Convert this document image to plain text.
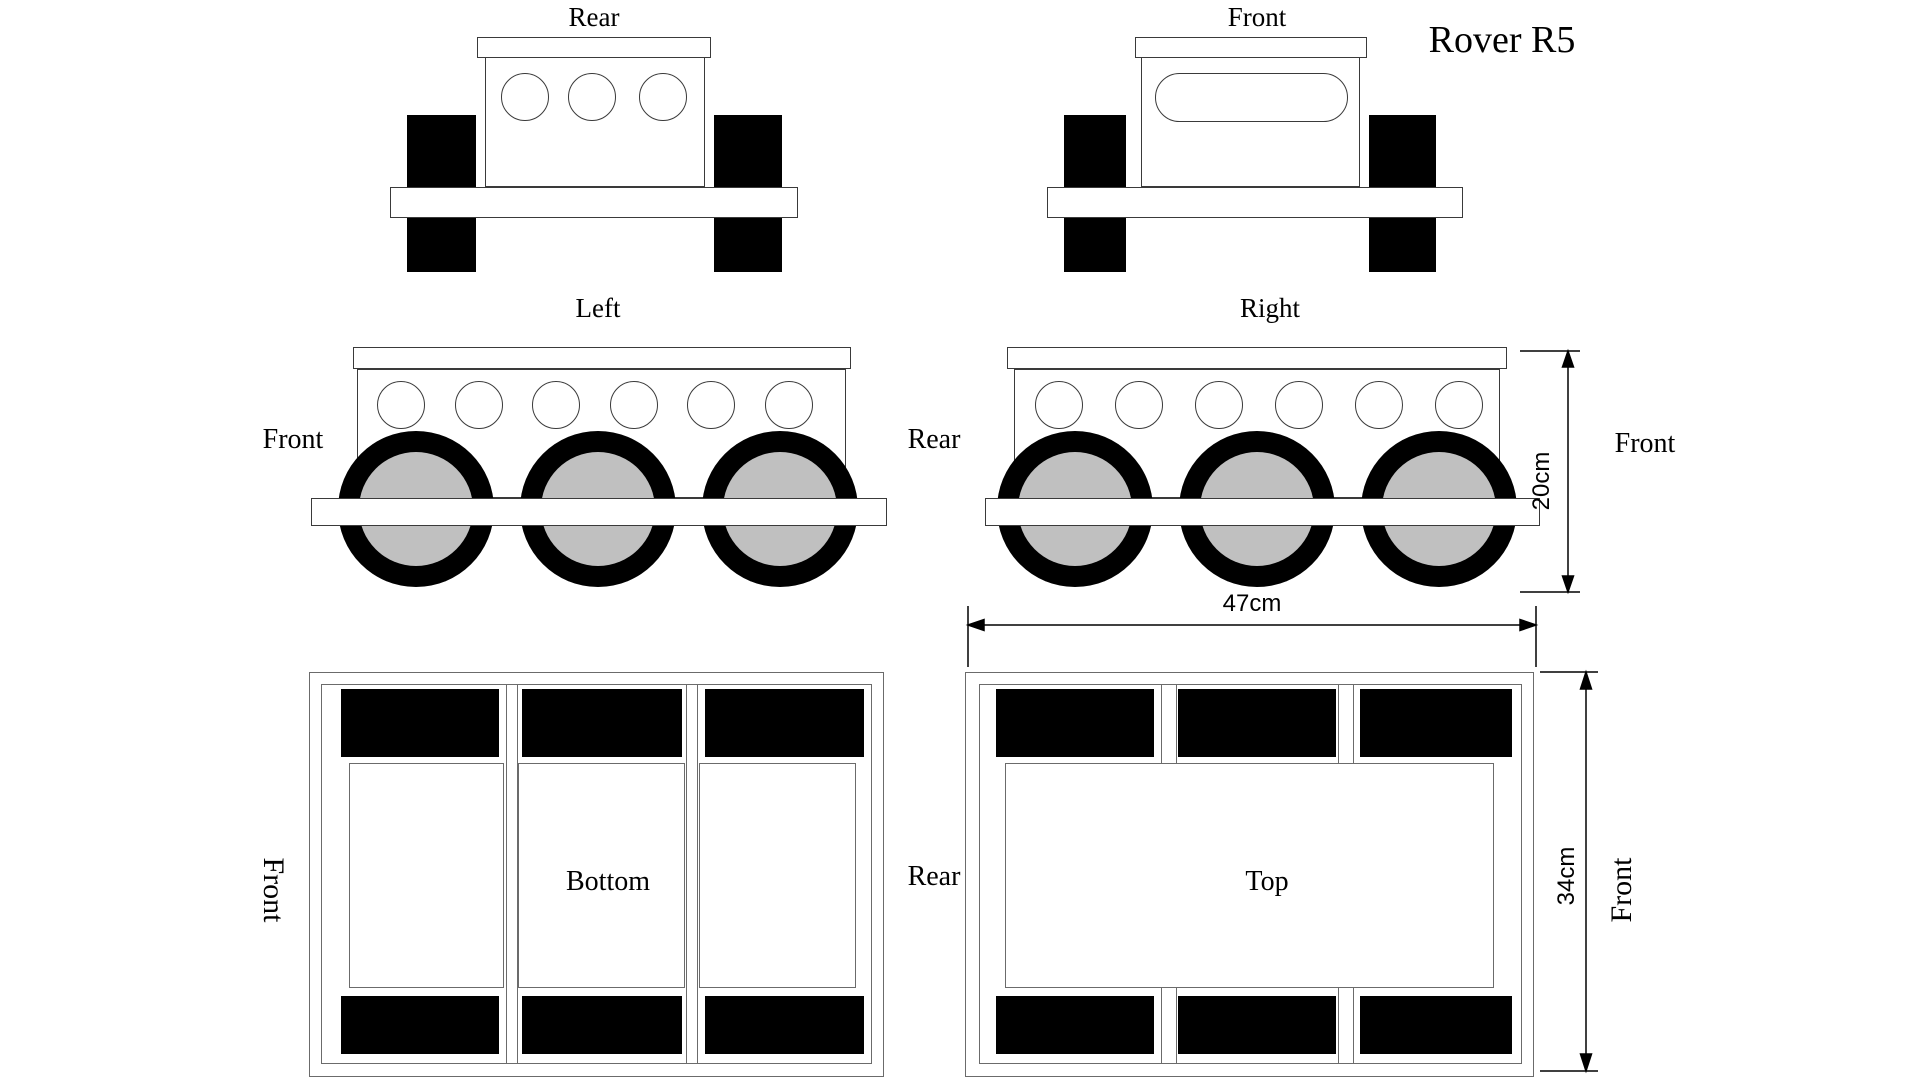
Rear	Front
Rover R5
Left
Front	Rear
Right
Front
Bottom
Front	Rear	Top	Front
20cm
47cm
34cm
